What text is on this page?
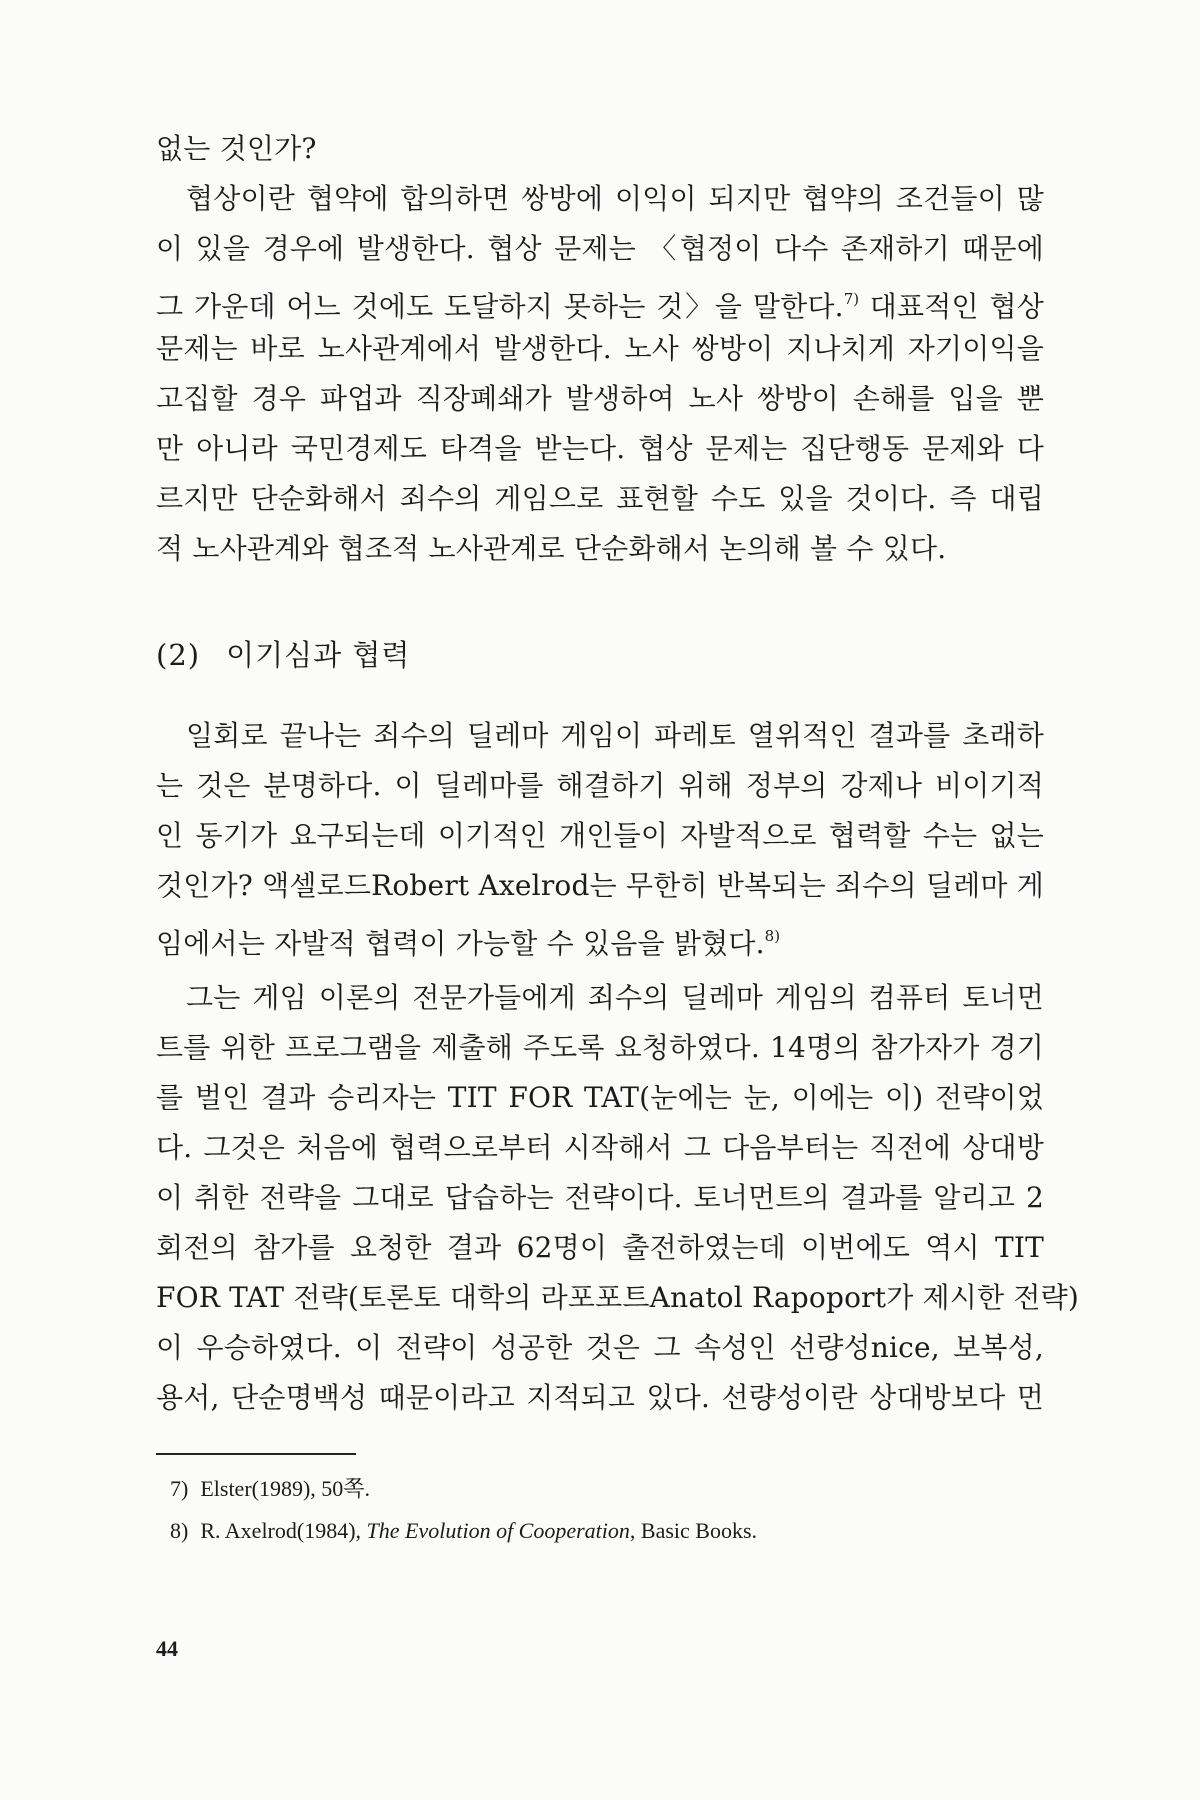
없는 것인가?
협상이란 협약에 합의하면 쌍방에 이익이 되지만 협약의 조건들이 많
이 있을 경우에 발생한다. 협상 문제는 〈협정이 다수 존재하기 때문에
그 가운데 어느 것에도 도달하지 못하는 것〉을 말한다.$^{7)}$ 대표적인 협상
문제는 바로 노사관계에서 발생한다. 노사 쌍방이 지나치게 자기이익을
고집할 경우 파업과 직장폐쇄가 발생하여 노사 쌍방이 손해를 입을 뿐
만 아니라 국민경제도 타격을 받는다. 협상 문제는 집단행동 문제와 다
르지만 단순화해서 죄수의 게임으로 표현할 수도 있을 것이다. 즉 대립
적 노사관계와 협조적 노사관계로 단순화해서 논의해 볼 수 있다.
(2) 이기심과 협력
일회로 끝나는 죄수의 딜레마 게임이 파레토 열위적인 결과를 초래하
는 것은 분명하다. 이 딜레마를 해결하기 위해 정부의 강제나 비이기적
인 동기가 요구되는데 이기적인 개인들이 자발적으로 협력할 수는 없는
것인가? 액셀로드Robert Axelrod는 무한히 반복되는 죄수의 딜레마 게
임에서는 자발적 협력이 가능할 수 있음을 밝혔다.$^{8)}$
그는 게임 이론의 전문가들에게 죄수의 딜레마 게임의 컴퓨터 토너먼
트를 위한 프로그램을 제출해 주도록 요청하였다. 14명의 참가자가 경기
를 벌인 결과 승리자는 TIT FOR TAT(눈에는 눈, 이에는 이) 전략이었
다. 그것은 처음에 협력으로부터 시작해서 그 다음부터는 직전에 상대방
이 취한 전략을 그대로 답습하는 전략이다. 토너먼트의 결과를 알리고 2
회전의 참가를 요청한 결과 62명이 출전하였는데 이번에도 역시 TIT
FOR TAT 전략(토론토 대학의 라포포트Anatol Rapoport가 제시한 전략)
이 우승하였다. 이 전략이 성공한 것은 그 속성인 선량성nice, 보복성,
용서, 단순명백성 때문이라고 지적되고 있다. 선량성이란 상대방보다 먼
7) Elster(1989), 50쪽.
8) R. Axelrod(1984), The Evolution of Cooperation, Basic Books.
44
